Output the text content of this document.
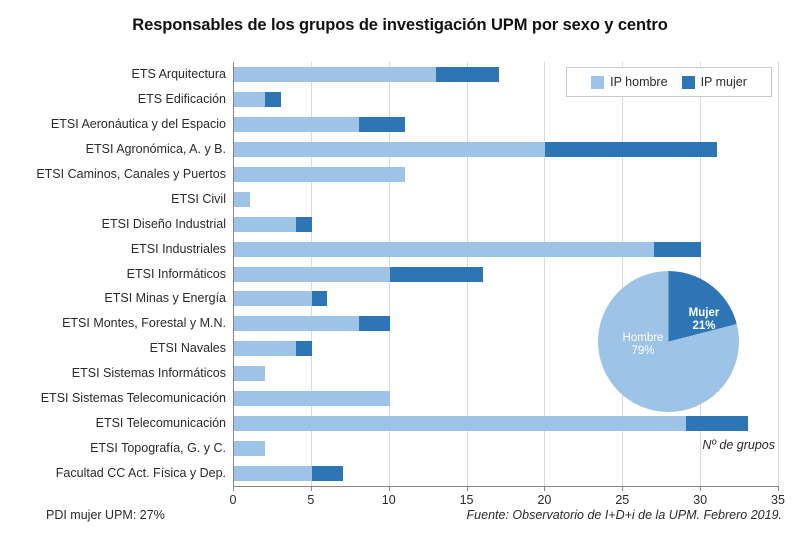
Responsables de los grupos de investigación UPM por sexo y centro
0	5	10	15	20	25	30	35
ETS Arquitectura
ETS Edificación
ETSI Aeronáutica y del Espacio
ETSI Agronómica, A. y B.
ETSI Caminos, Canales y Puertos
ETSI Civil
ETSI Diseño Industrial
ETSI Industriales
ETSI Informáticos
ETSI Minas y Energía
ETSI Montes, Forestal y M.N.
ETSI Navales
ETSI Sistemas Informáticos
ETSI Sistemas Telecomunicación
ETSI Telecomunicación
ETSI Topografía, G. y C.
Facultad CC Act. Física y Dep.
IP hombre	IP mujer
Hombre
79%
Mujer
21%
Nº de grupos
PDI mujer UPM: 27%	Fuente: Observatorio de I+D+i de la UPM. Febrero 2019.
